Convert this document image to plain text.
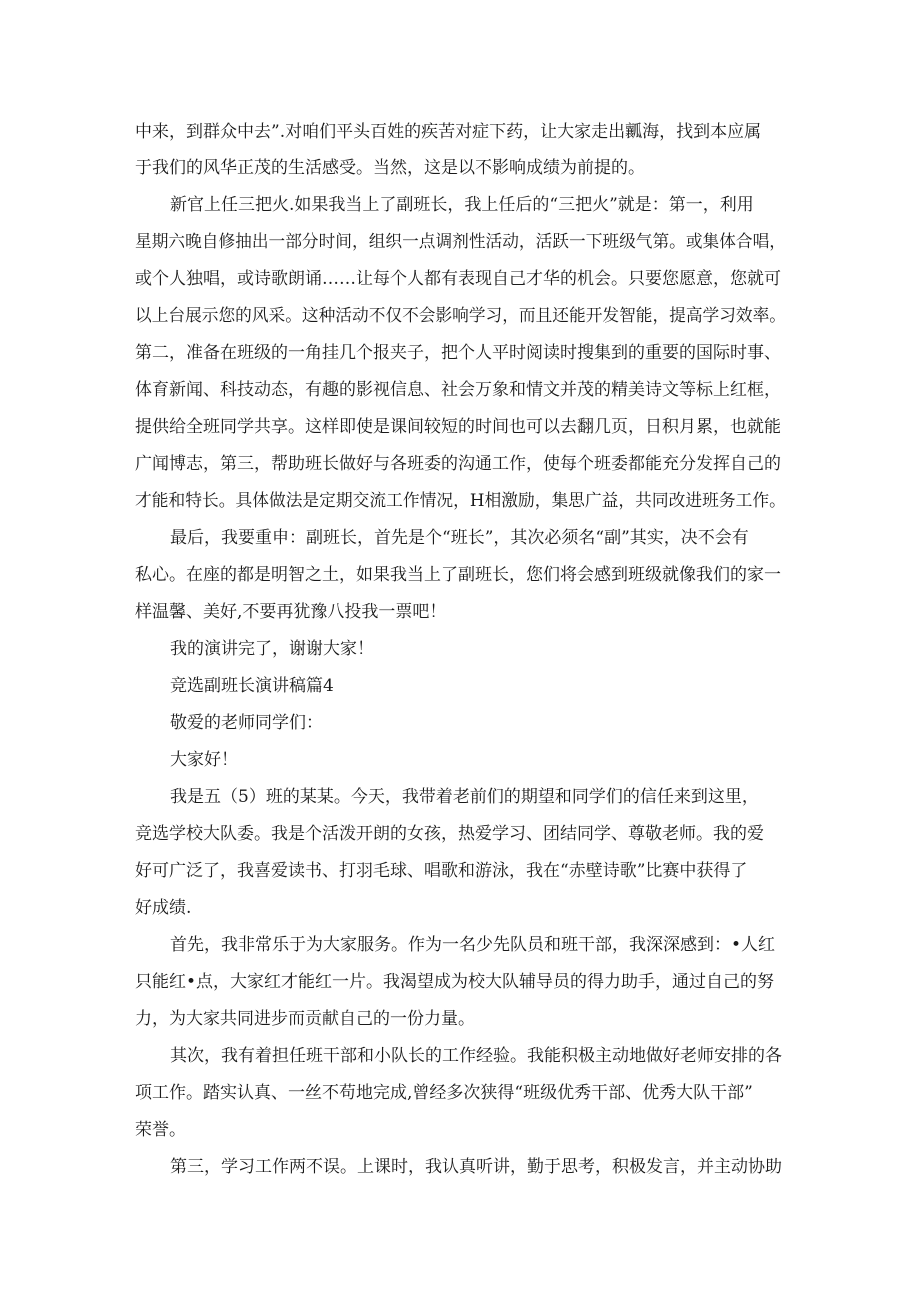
中来，到群众中去”.对咱们平头百姓的疾苦对症下药，让大家走出瓤海，找到本应属
于我们的风华正茂的生活感受。当然，这是以不影响成绩为前提的。
新官上任三把火.如果我当上了副班长，我上任后的“三把火”就是：第一，利用
星期六晚自修抽出一部分时间，组织一点调剂性活动，活跃一下班级气第。或集体合唱，
或个人独唱，或诗歌朗诵……让每个人都有表现自己才华的机会。只要您愿意，您就可
以上台展示您的风采。这种活动不仅不会影响学习，而且还能开发智能，提高学习效率。
第二，准备在班级的一角挂几个报夹子，把个人平时阅读时搜集到的重要的国际时事、
体育新闻、科技动态，有趣的影视信息、社会万象和情文并茂的精美诗文等标上红框，
提供给全班同学共享。这样即使是课间较短的时间也可以去翻几页，日积月累，也就能
广闻博志，第三，帮助班长做好与各班委的沟通工作，使每个班委都能充分发挥自己的
才能和特长。具体做法是定期交流工作情况，H相激励，集思广益，共同改进班务工作。
最后，我要重申：副班长，首先是个“班长”，其次必须名“副”其实，决不会有
私心。在座的都是明智之土，如果我当上了副班长，您们将会感到班级就像我们的家一
样温馨、美好,不要再犹豫八投我一票吧！
我的演讲完了，谢谢大家！
竞选副班长演讲稿篇4
敬爱的老师同学们：
大家好！
我是五（5）班的某某。今天，我带着老前们的期望和同学们的信任来到这里，
竞选学校大队委。我是个活泼开朗的女孩，热爱学习、团结同学、尊敬老师。我的爱
好可广泛了，我喜爱读书、打羽毛球、唱歌和游泳，我在“赤壁诗歌”比赛中获得了
好成绩.
首先，我非常乐于为大家服务。作为一名少先队员和班干部，我深深感到：•人红
只能红•点，大家红才能红一片。我渴望成为校大队辅导员的得力助手，通过自己的努
力，为大家共同进步而贡献自己的一份力量。
其次，我有着担任班干部和小队长的工作经验。我能积极主动地做好老师安排的各
项工作。踏实认真、一丝不苟地完成,曾经多次狭得“班级优秀干部、优秀大队干部”
荣誉。
第三，学习工作两不误。上课时，我认真听讲，勤于思考，积极发言，并主动协助
